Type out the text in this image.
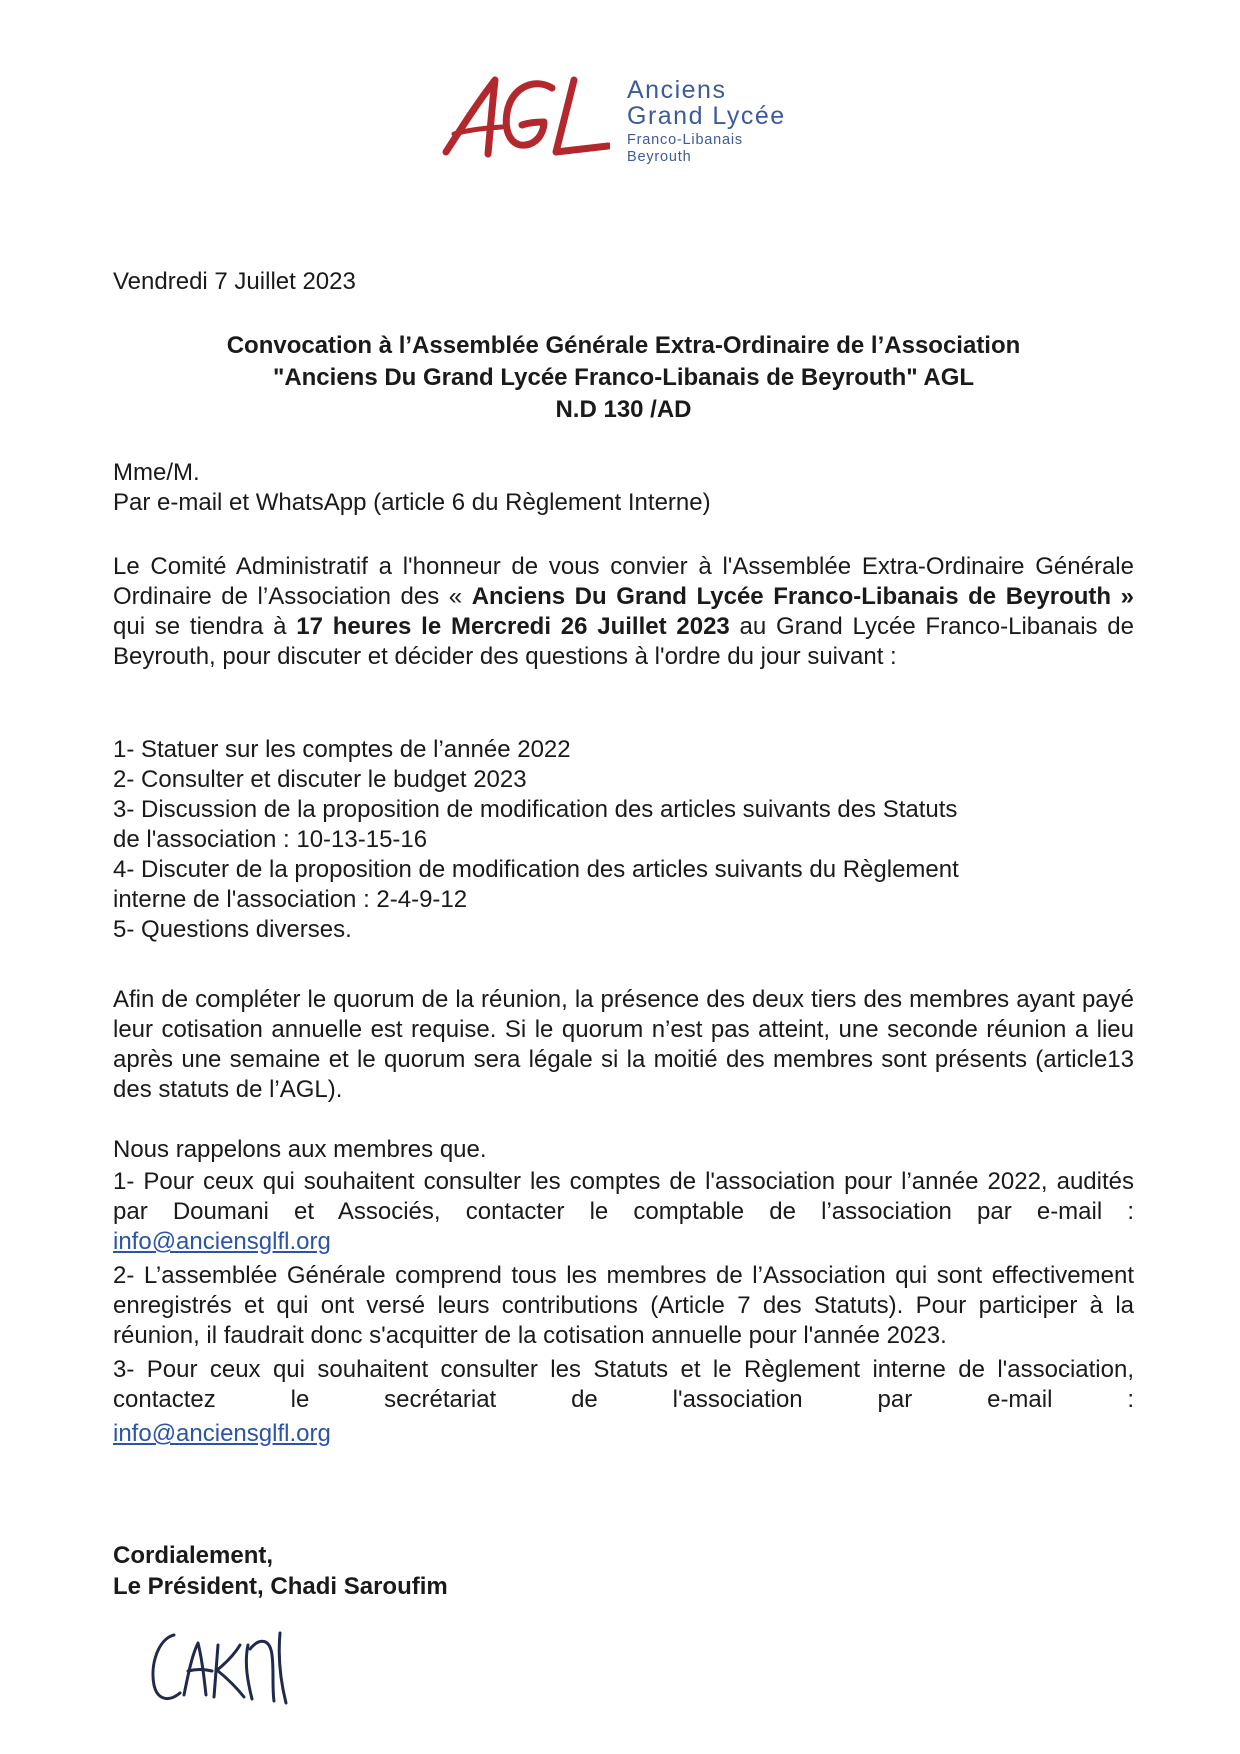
Anciens
Grand Lycée
Franco-Libanais
Beyrouth
Vendredi 7 Juillet 2023
Convocation à l’Assemblée Générale Extra-Ordinaire de l’Association
"Anciens Du Grand Lycée Franco-Libanais de Beyrouth" AGL
N.D 130 /AD
Mme/M.
Par e-mail et WhatsApp (article 6 du Règlement Interne)
Le Comité Administratif a l'honneur de vous convier à l'Assemblée Extra-Ordinaire Générale Ordinaire de l’Association des « Anciens Du Grand Lycée Franco-Libanais de Beyrouth » qui se tiendra à 17 heures le Mercredi 26 Juillet 2023 au Grand Lycée Franco-Libanais de Beyrouth, pour discuter et décider des questions à l'ordre du jour suivant :
1- Statuer sur les comptes de l’année 2022
2- Consulter et discuter le budget 2023
3- Discussion de la proposition de modification des articles suivants des Statuts
de l'association : 10-13-15-16
4- Discuter de la proposition de modification des articles suivants du Règlement
interne de l'association : 2-4-9-12
5- Questions diverses.
Afin de compléter le quorum de la réunion, la présence des deux tiers des membres ayant payé leur cotisation annuelle est requise. Si le quorum n’est pas atteint, une seconde réunion a lieu après une semaine et le quorum sera légale si la moitié des membres sont présents (article13 des statuts de l’AGL).
Nous rappelons aux membres que.

1- Pour ceux qui souhaitent consulter les comptes de l'association pour l’année 2022, audités par Doumani et Associés, contacter le comptable de l’association par e-mail : info@anciensglfl.org

2- L’assemblée Générale comprend tous les membres de l’Association qui sont effectivement enregistrés et qui ont versé leurs contributions (Article 7 des Statuts). Pour participer à la réunion, il faudrait donc s'acquitter de la cotisation annuelle pour l'année 2023.

3- Pour ceux qui souhaitent consulter les Statuts et le Règlement interne de l'association, contactez le secrétariat de l'association par e-mail :

info@anciensglfl.org
Cordialement,
Le Président, Chadi Saroufim
